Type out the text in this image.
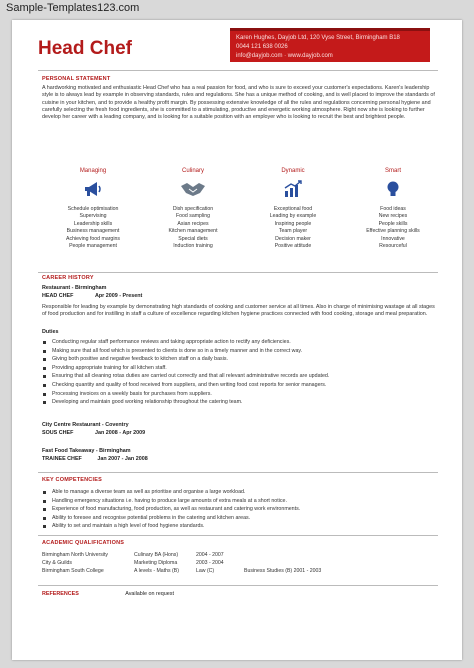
Sample-Templates123.com
Head Chef	Karen Hughes, Dayjob Ltd, 120 Vyse Street, Birmingham B18
0044 121 638 0026
info@dayjob.com · www.dayjob.com
PERSONAL STATEMENT
A hardworking motivated and enthusiastic Head Chef who has a real passion for food, and who is sure to exceed your customer's expectations. Karen's leadership style is to always lead by example in observing standards, rules and regulations. She has a unique method of cooking, and is well placed to improve the standards of cuisine in your kitchen, and to provide a healthy profit margin. By possessing extensive knowledge of all the rules and regulations concerning personal hygiene and carefully selecting the fresh food ingredients, she is committed to a stimulating, productive and energetic working atmosphere. Right now she is looking to further develop her career with a leading company, and is looking for a suitable position with an employer who is looking to recruit the best and brightest people.
Managing
Schedule optimisation
Supervising
Leadership skills
Business management
Achieving food margins
People management
Culinary
Dish specification
Food sampling
Asian recipes
Kitchen management
Special diets
Induction training
Dynamic
Exceptional food
Leading by example
Inspiring people
Team player
Decision maker
Positive attitude
Smart
Food ideas
New recipes
People skills
Effective planning skills
Innovative
Resourceful
CAREER HISTORY
Restaurant - Birmingham
HEAD CHEF	Apr 2009 - Present
Responsible for leading by example by demonstrating high standards of cooking and customer service at all times. Also in charge of minimising wastage at all stages of food production and for instilling in staff a culture of excellence regarding kitchen hygiene practices connected with food cooking, storage and meal preparation.
Duties
Conducting regular staff performance reviews and taking appropriate action to rectify any deficiencies.
Making sure that all food which is presented to clients is done so in a timely manner and in the correct way.
Giving both positive and negative feedback to kitchen staff on a daily basis.
Providing appropriate training for all kitchen staff.
Ensuring that all cleaning rotas duties are carried out correctly and that all relevant administrative records are updated.
Checking quantity and quality of food received from suppliers, and then writing food cost reports for senior managers.
Processing invoices on a weekly basis for purchases from suppliers.
Developing and maintain good working relationship throughout the catering team.
City Centre Restaurant - Coventry
SOUS CHEF	Jan 2008 - Apr 2009
Fast Food Takeaway - Birmingham
TRAINEE CHEF	Jan 2007 - Jan 2008
KEY COMPETENCIES
Able to manage a diverse team as well as prioritise and organise a large workload.
Handling emergency situations i.e. having to produce large amounts of extra meals at a short notice.
Experience of food manufacturing, food production, as well as restaurant and catering work environments.
Ability to foresee and recognise potential problems in the catering and kitchen areas.
Ability to set and maintain a high level of food hygiene standards.
ACADEMIC QUALIFICATIONS
Birmingham North University	Culinary BA (Hons)	2004 - 2007
City & Guilds	Marketing Diploma	2003 - 2004
Birmingham South College	A levels - Maths (B)	Law (C)	Business Studies (B) 2001 - 2003
REFERENCES	Available on request
